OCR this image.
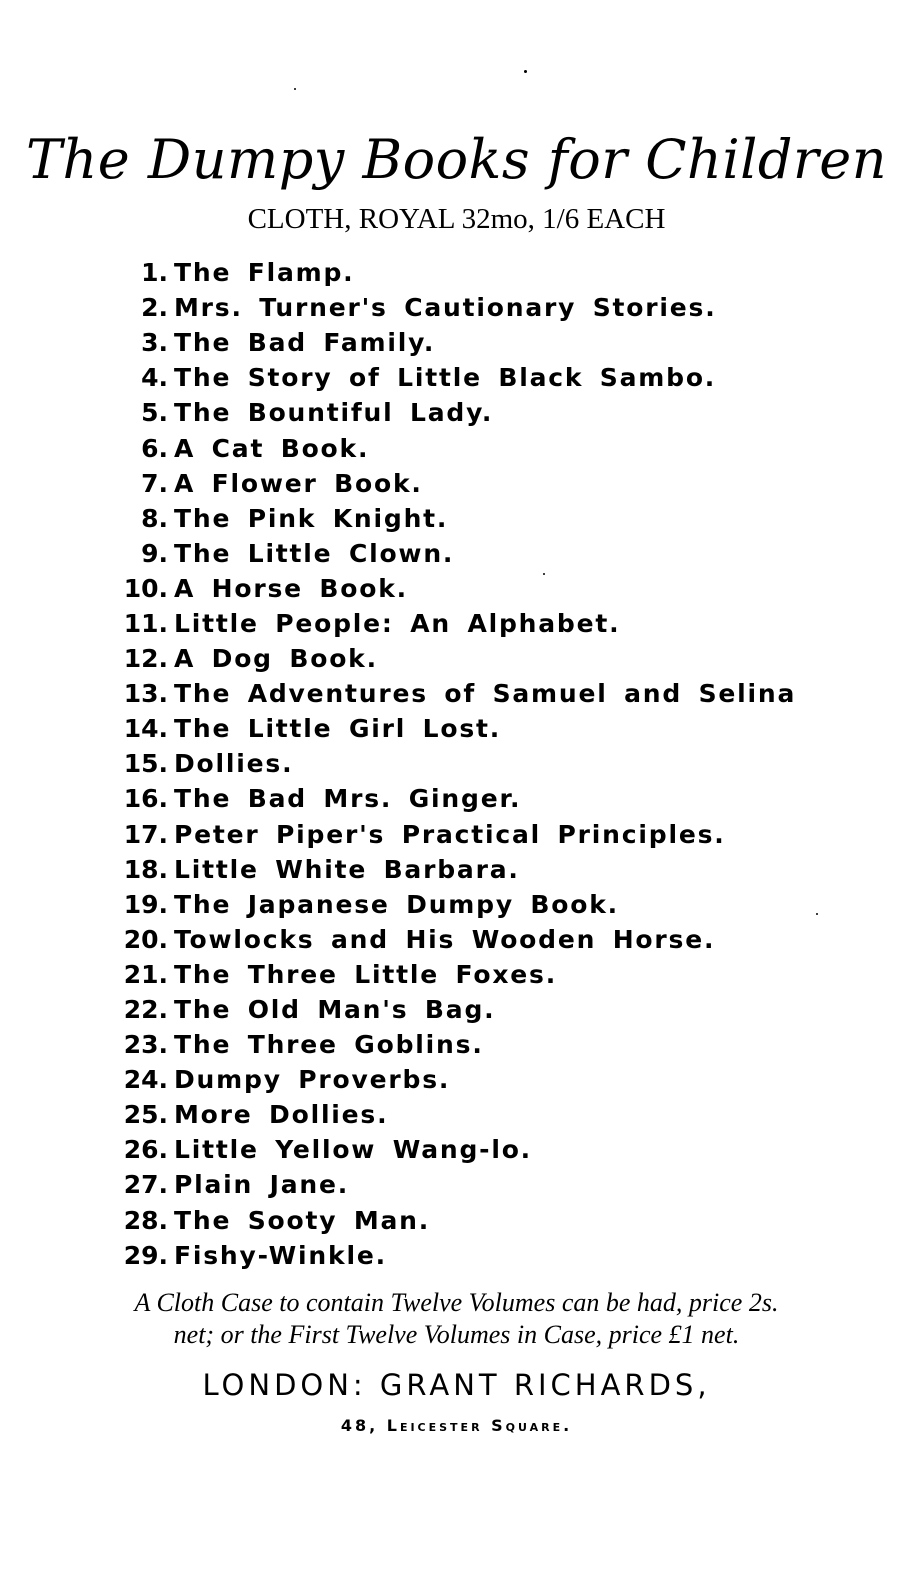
The Dumpy Books for Children
CLOTH, ROYAL 32mo, 1/6 EACH
1. The Flamp.
2. Mrs. Turner's Cautionary Stories.
3. The Bad Family.
4. The Story of Little Black Sambo.
5. The Bountiful Lady.
6. A Cat Book.
7. A Flower Book.
8. The Pink Knight.
9. The Little Clown.
10. A Horse Book.
11. Little People: An Alphabet.
12. A Dog Book.
13. The Adventures of Samuel and Selina
14. The Little Girl Lost.
15. Dollies.
16. The Bad Mrs. Ginger.
17. Peter Piper's Practical Principles.
18. Little White Barbara.
19. The Japanese Dumpy Book.
20. Towlocks and His Wooden Horse.
21. The Three Little Foxes.
22. The Old Man's Bag.
23. The Three Goblins.
24. Dumpy Proverbs.
25. More Dollies.
26. Little Yellow Wang-lo.
27. Plain Jane.
28. The Sooty Man.
29. Fishy-Winkle.
A Cloth Case to contain Twelve Volumes can be had, price 2s.
net; or the First Twelve Volumes in Case, price £1 net.
LONDON: GRANT RICHARDS,
48, Leicester Square.
